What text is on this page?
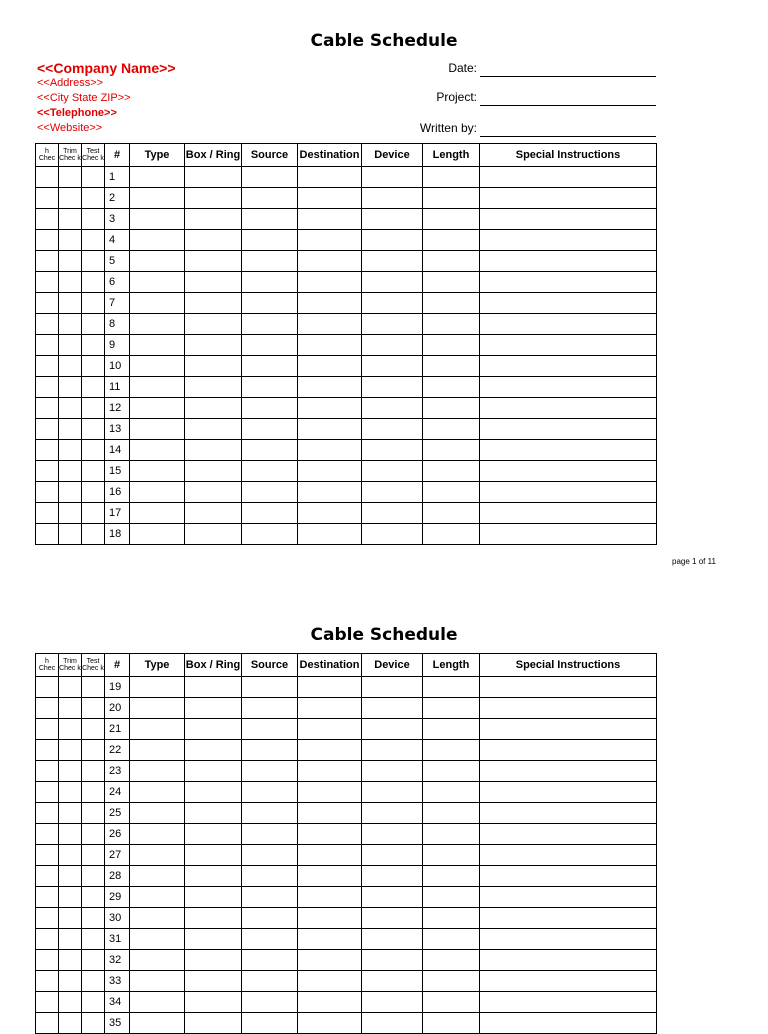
Cable Schedule
<<Company Name>>
<<Address>>
<<City State ZIP>>
<<Telephone>>
<<Website>>
Date:
Project:
Written by:
h Chec	Trim Chec k	Test Chec k	#	Type	Box / Ring	Source	Destination	Device	Length	Special Instructions
			1							
			2							
			3							
			4							
			5							
			6							
			7							
			8							
			9							
			10							
			11							
			12							
			13							
			14							
			15							
			16							
			17							
			18							
page 1 of 11
Cable Schedule
h Chec	Trim Chec k	Test Chec k	#	Type	Box / Ring	Source	Destination	Device	Length	Special Instructions
			19							
			20							
			21							
			22							
			23							
			24							
			25							
			26							
			27							
			28							
			29							
			30							
			31							
			32							
			33							
			34							
			35							
